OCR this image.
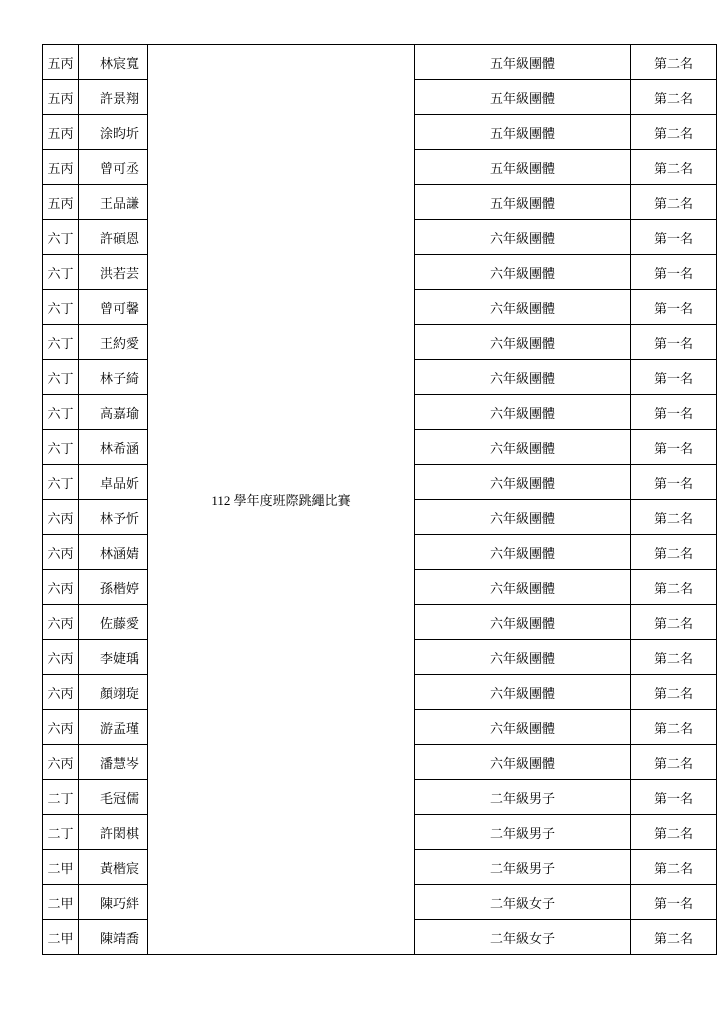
五丙	林宸寬	112 學年度班際跳繩比賽	五年級團體	第二名
五丙	許景翔		五年級團體	第二名
五丙	涂昀圻		五年級團體	第二名
五丙	曾可丞		五年級團體	第二名
五丙	王品謙		五年級團體	第二名
六丁	許碩恩		六年級團體	第一名
六丁	洪若芸		六年級團體	第一名
六丁	曾可馨		六年級團體	第一名
六丁	王約愛		六年級團體	第一名
六丁	林子綺		六年級團體	第一名
六丁	高嘉瑜		六年級團體	第一名
六丁	林希涵		六年級團體	第一名
六丁	卓品妡		六年級團體	第一名
六丙	林予忻		六年級團體	第二名
六丙	林涵婧		六年級團體	第二名
六丙	孫楷婷		六年級團體	第二名
六丙	佐藤愛		六年級團體	第二名
六丙	李婕瑀		六年級團體	第二名
六丙	顏翊琁		六年級團體	第二名
六丙	游孟瑾		六年級團體	第二名
六丙	潘慧岑		六年級團體	第二名
二丁	毛冠儒		二年級男子	第一名
二丁	許閎棋		二年級男子	第二名
二甲	黃楷宸		二年級男子	第二名
二甲	陳巧絆		二年級女子	第一名
二甲	陳靖喬		二年級女子	第二名
